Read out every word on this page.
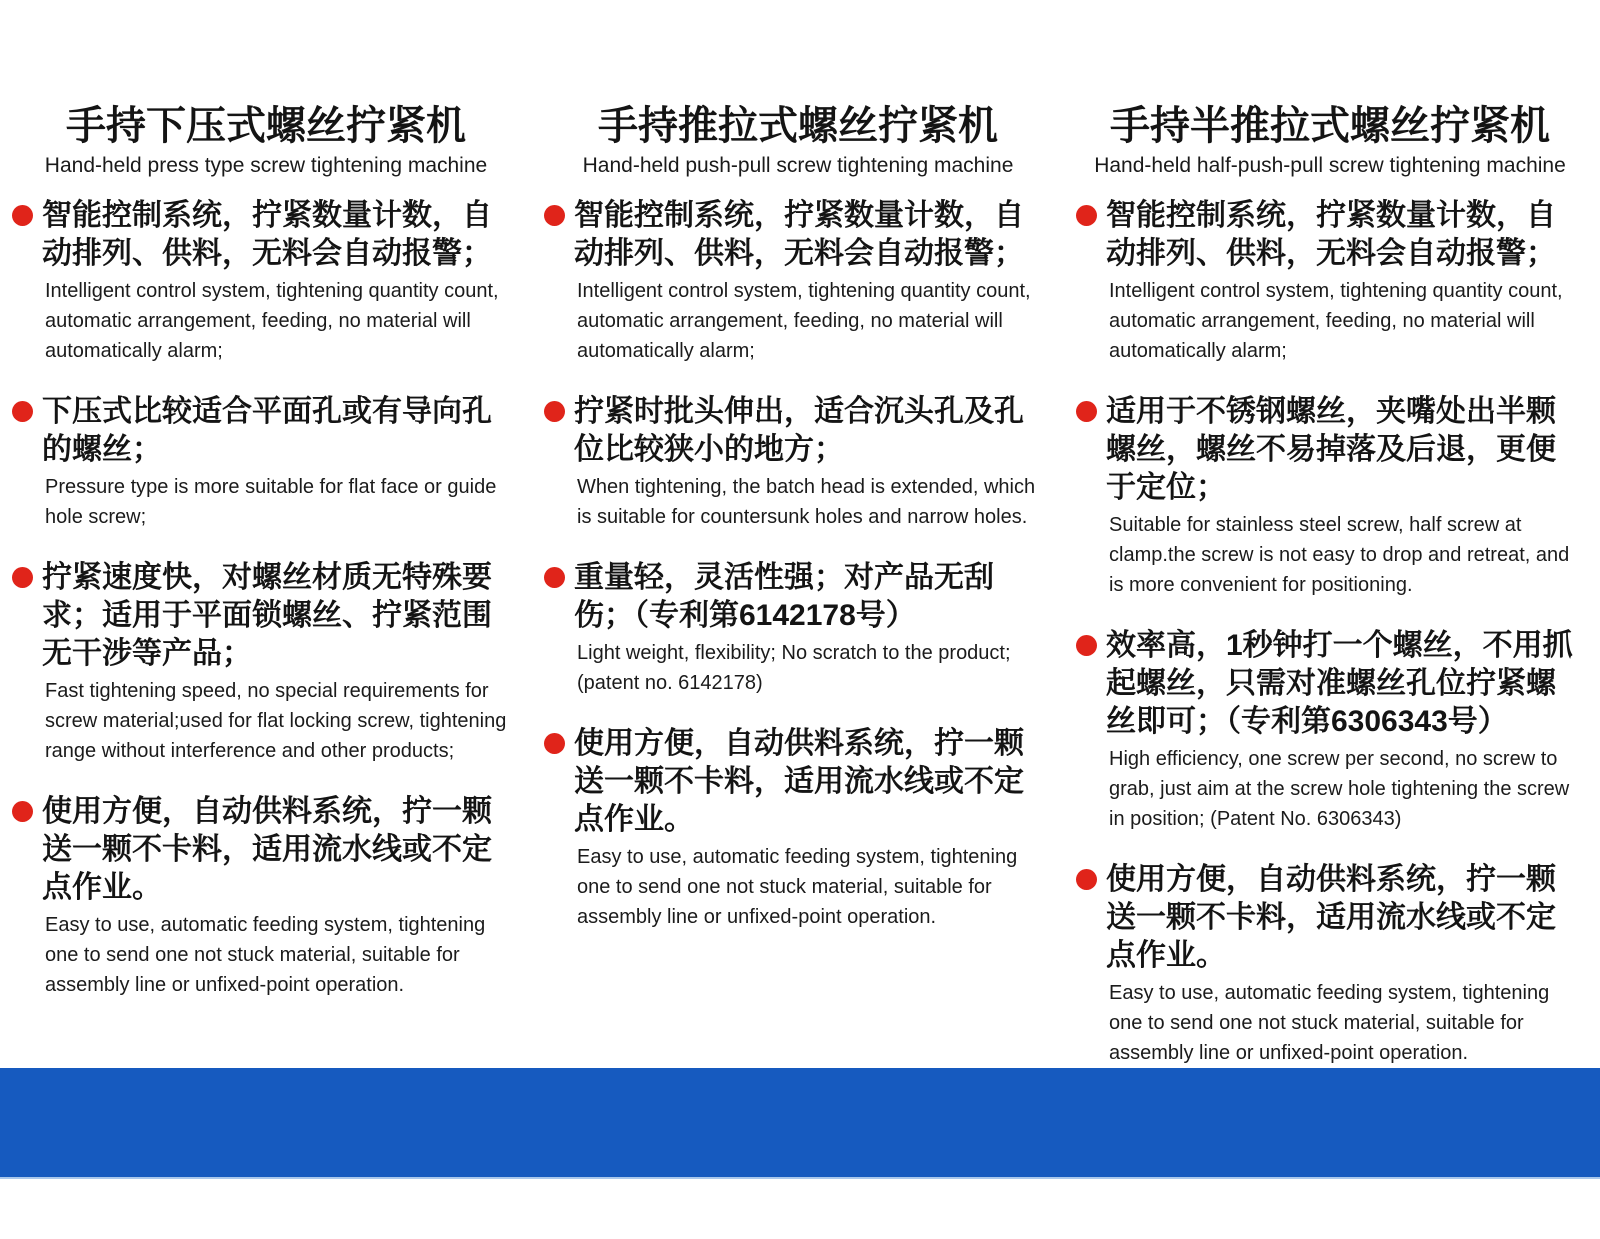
手持下压式螺丝拧紧机
Hand-held press type screw tightening machine
智能控制系统，拧紧数量计数，自动排列、供料，无料会自动报警；
Intelligent control system, tightening quantity count, automatic arrangement, feeding, no material will automatically alarm;
下压式比较适合平面孔或有导向孔的螺丝；
Pressure type is more suitable for flat face or guide hole screw;
拧紧速度快，对螺丝材质无特殊要求；适用于平面锁螺丝、拧紧范围无干涉等产品；
Fast tightening speed, no special requirements for screw material;used for flat locking screw, tightening range without interference and other products;
使用方便，自动供料系统，拧一颗送一颗不卡料，适用流水线或不定点作业。
Easy to use, automatic feeding system, tightening one to send one not stuck material, suitable for assembly line or unfixed-point operation.
手持推拉式螺丝拧紧机
Hand-held push-pull screw tightening machine
智能控制系统，拧紧数量计数，自动排列、供料，无料会自动报警；
Intelligent control system, tightening quantity count, automatic arrangement, feeding, no material will automatically alarm;
拧紧时批头伸出，适合沉头孔及孔位比较狭小的地方；
When tightening, the batch head is extended, which is suitable for countersunk holes and narrow holes.
重量轻，灵活性强；对产品无刮伤；（专利第6142178号）
Light weight, flexibility; No scratch to the product; (patent no. 6142178)
使用方便，自动供料系统，拧一颗送一颗不卡料，适用流水线或不定点作业。
Easy to use, automatic feeding system, tightening one to send one not stuck material, suitable for assembly line or unfixed-point operation.
手持半推拉式螺丝拧紧机
Hand-held half-push-pull screw tightening machine
智能控制系统，拧紧数量计数，自动排列、供料，无料会自动报警；
Intelligent control system, tightening quantity count, automatic arrangement, feeding, no material will automatically alarm;
适用于不锈钢螺丝，夹嘴处出半颗螺丝，螺丝不易掉落及后退，更便于定位；
Suitable for stainless steel screw, half screw at clamp.the screw is not easy to drop and retreat, and is more convenient for positioning.
效率高，1秒钟打一个螺丝，不用抓起螺丝，只需对准螺丝孔位拧紧螺丝即可；（专利第6306343号）
High efficiency, one screw per second, no screw to grab, just aim at the screw hole tightening the screw in position; (Patent No. 6306343)
使用方便，自动供料系统，拧一颗送一颗不卡料，适用流水线或不定点作业。
Easy to use, automatic feeding system, tightening one to send one not stuck material, suitable for assembly line or unfixed-point operation.
